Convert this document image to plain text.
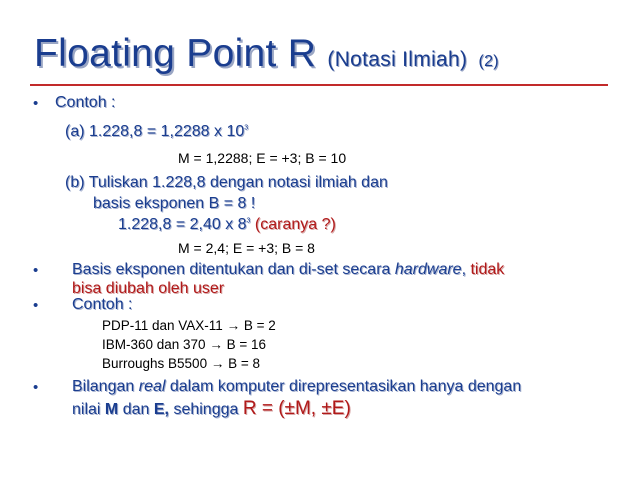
Floating Point R (Notasi Ilmiah) (2)
• Contoh :
(a) 1.228,8 = 1,2288 x $10^3$
M = 1,2288; E = +3; B = 10
(b) Tuliskan 1.228,8 dengan notasi ilmiah dan
basis eksponen B = 8 !
1.228,8 = 2,40 x $8^3$ (caranya ?)
M = 2,4; E = +3; B = 8
• Basis eksponen ditentukan dan di-set secara hardware, tidak
bisa diubah oleh user
• Contoh :
PDP-11 dan VAX-11 → B = 2
IBM-360 dan 370 → B = 16
Burroughs B5500 → B = 8
• Bilangan real dalam komputer direpresentasikan hanya dengan
nilai M dan E, sehingga R = (±M, ±E)
